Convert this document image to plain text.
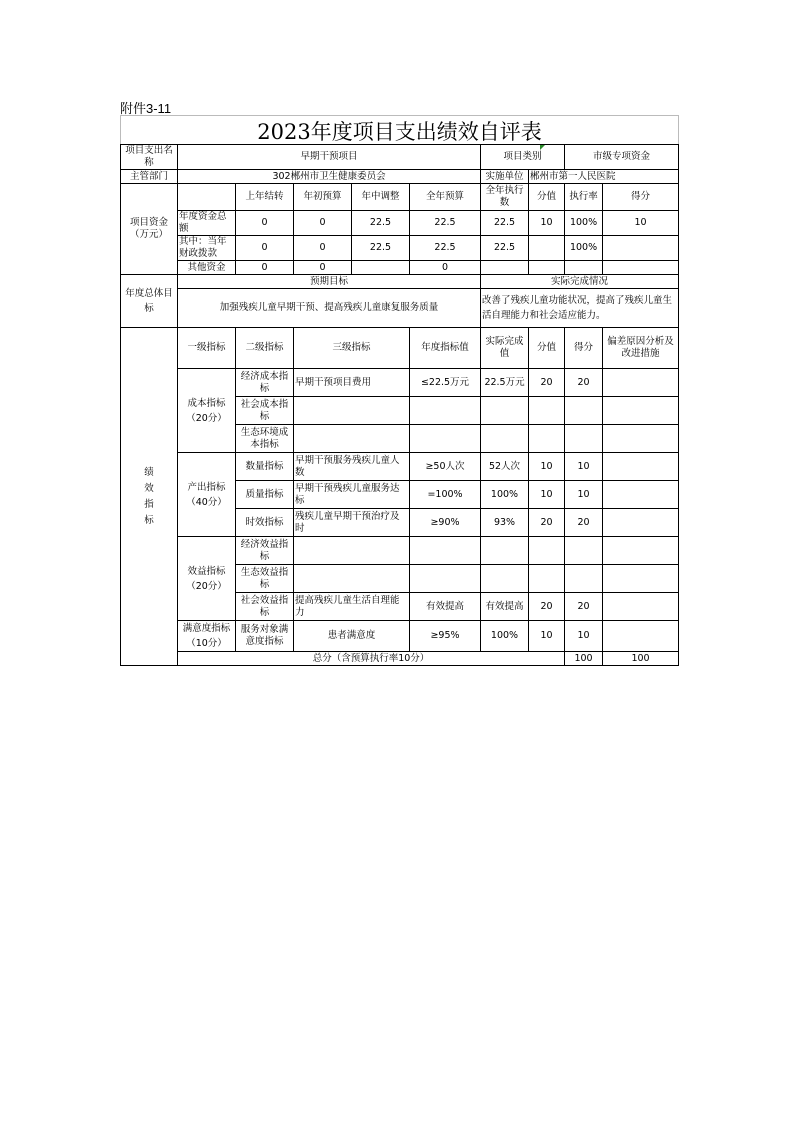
附件3-11
2023年度项目支出绩效自评表
项目支出名称	早期干预项目					项目类别		市级专项资金		
主管部门	302郴州市卫生健康委员会					实施单位	郴州市第一人民医院			
项目资金（万元）		上年结转	年初预算	年中调整	全年预算	全年执行数	分值	执行率	得分	
	年度资金总额	0	0	22.5	22.5	22.5	10	100%	10	
	其中：当年财政拨款	0	0	22.5	22.5	22.5		100%		
	其他资金	0	0		0					
年度总体目标	预期目标					实际完成情况				
	加强残疾儿童早期干预、提高残疾儿童康复服务质量					改善了残疾儿童功能状况，提高了残疾儿童生活自理能力和社会适应能力。				

绩效指标	一级指标	二级指标	三级指标		年度指标值	实际完成值	分值	得分	偏差原因分析及改进措施	
	成本指标（20分）	经济成本指标	早期干预项目费用		≤22.5万元	22.5万元	20	20		
		社会成本指标								
		生态环境成本指标								
	产出指标（40分）	数量指标	早期干预服务残疾儿童人数		≥50人次	52人次	10	10		
		质量指标	早期干预残疾儿童服务达标		=100%	100%	10	10		
		时效指标	残疾儿童早期干预治疗及时		≥90%	93%	20	20		
	效益指标（20分）	经济效益指标								
		生态效益指标								
		社会效益指标	提高残疾儿童生活自理能力		有效提高	有效提高	20	20		
	满意度指标（10分）	服务对象满意度指标	患者满意度		≥95%	100%	10	10		
	总分（含预算执行率10分）							100	100	
